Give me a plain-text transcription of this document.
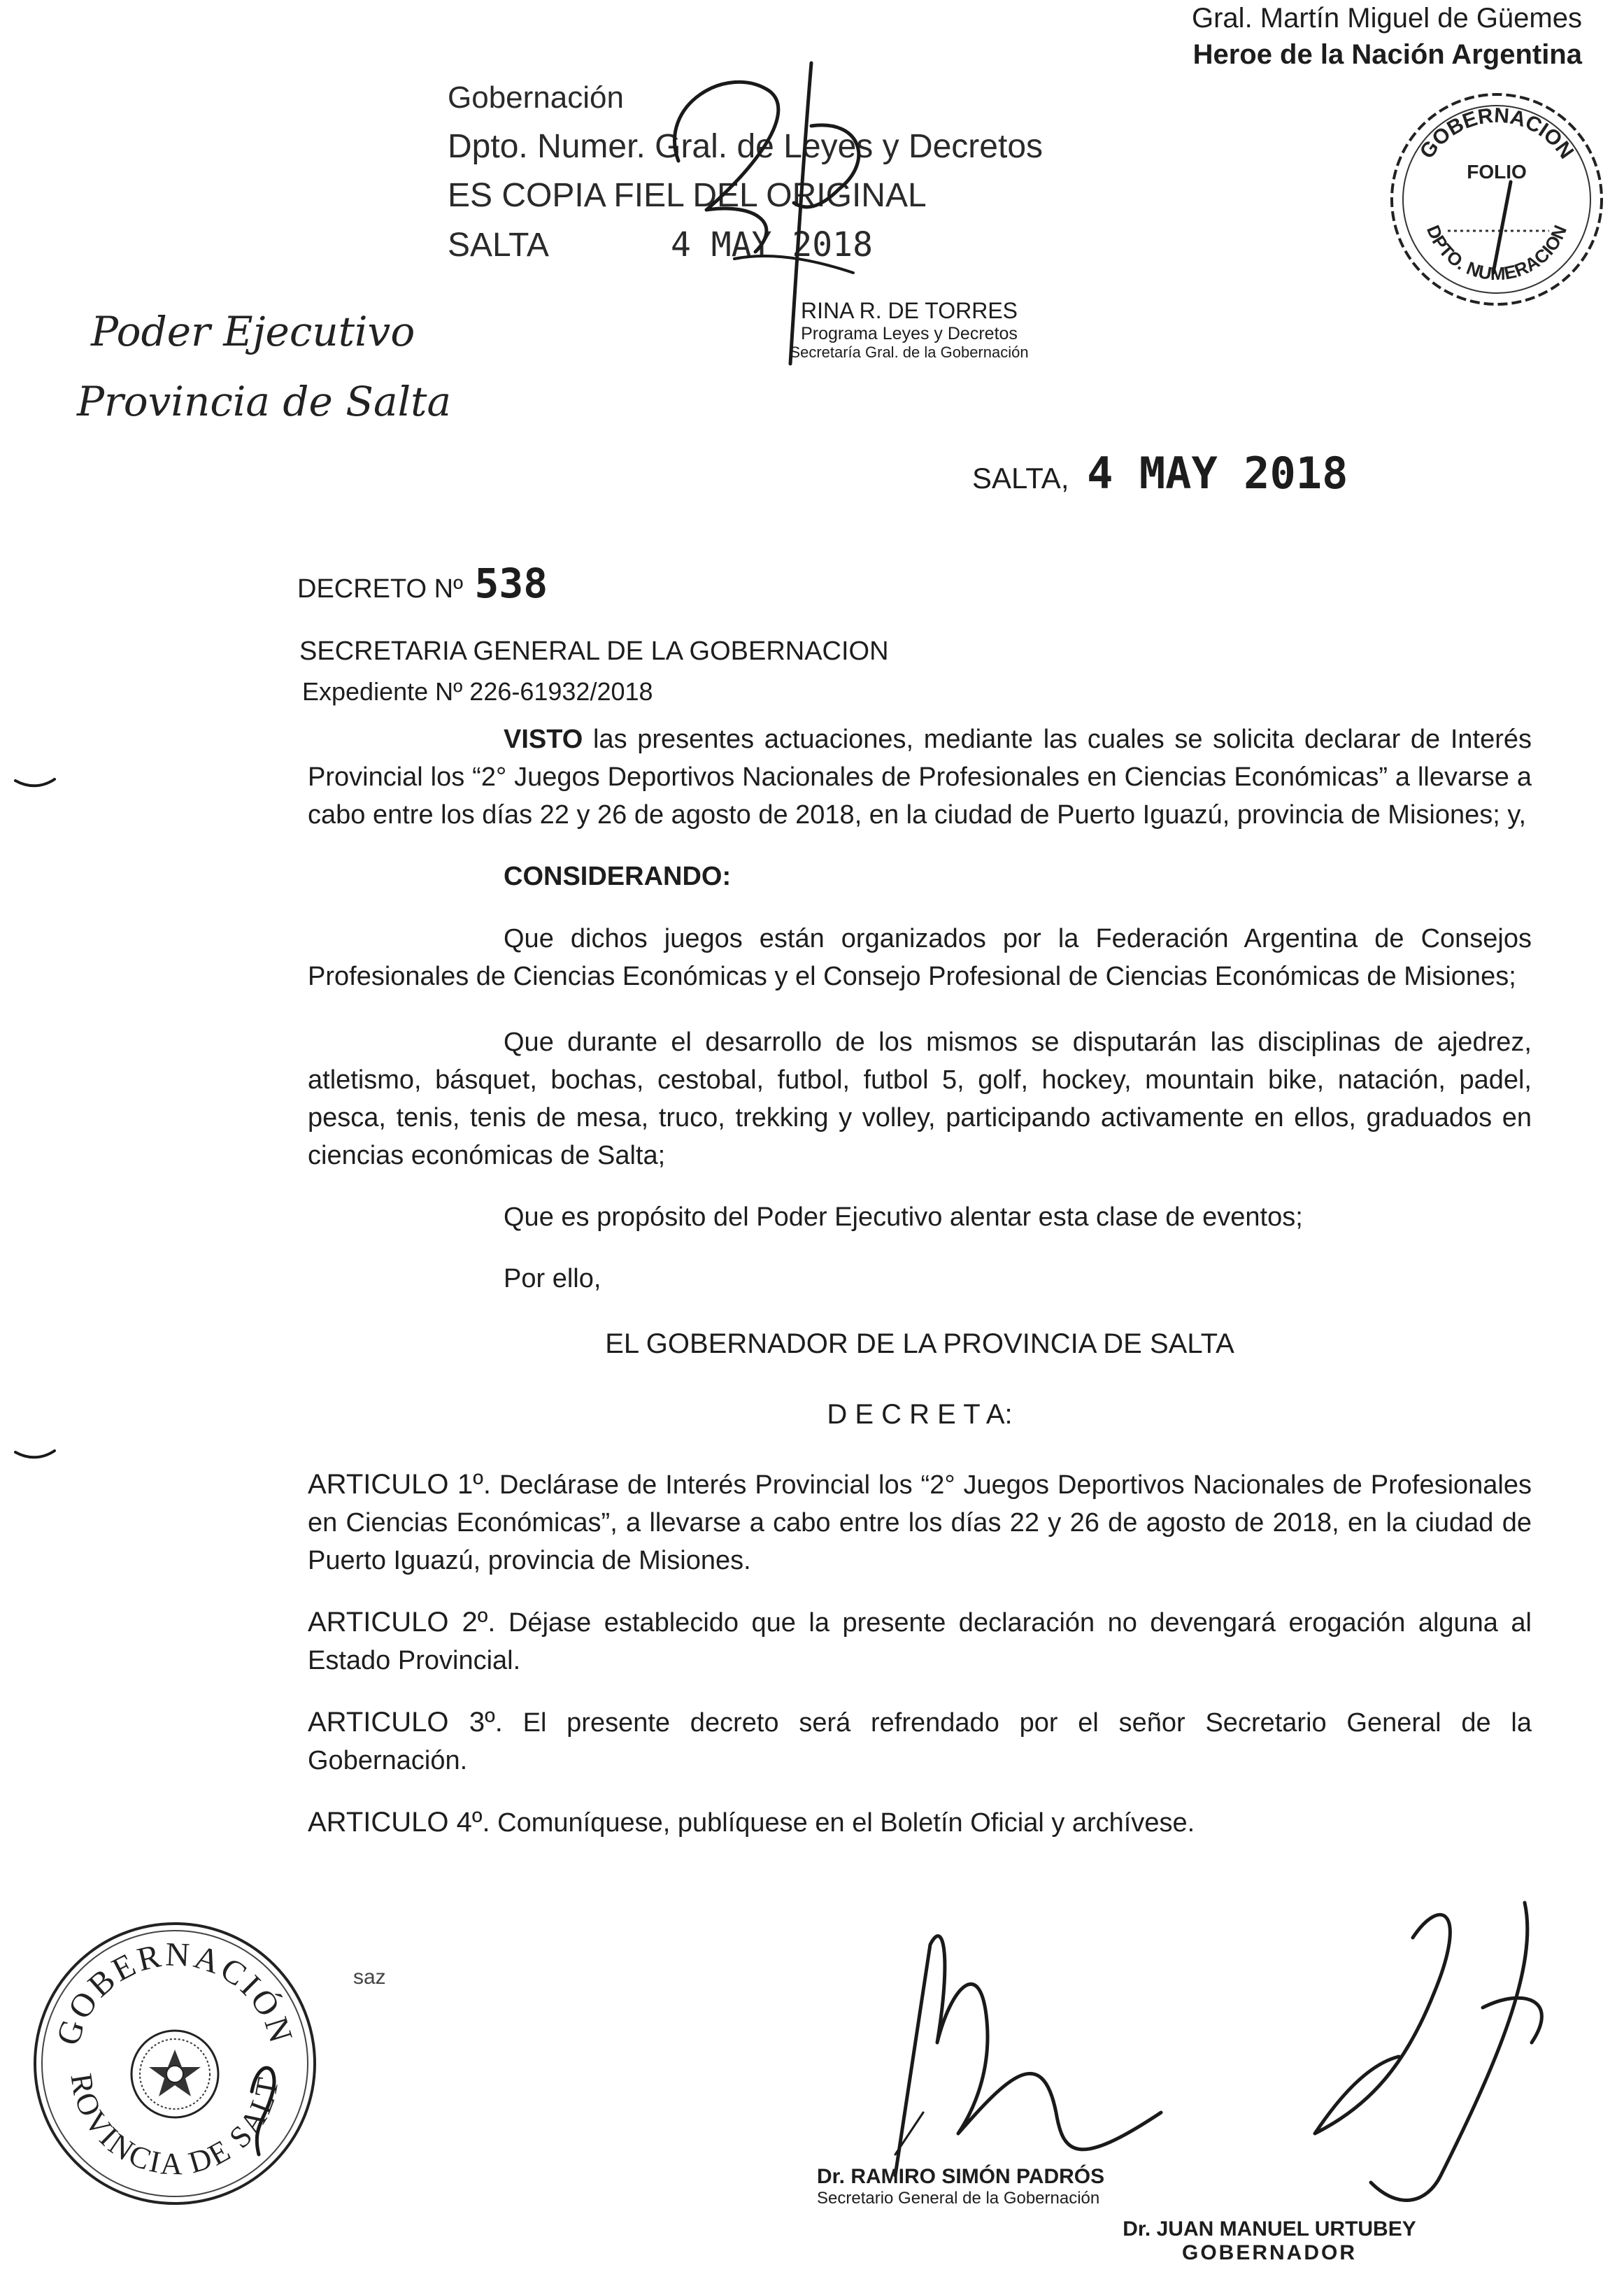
Gral. Martín Miguel de Güemes
Heroe de la Nación Argentina
GOBERNACION
DPTO. NUMERACION
FOLIO
Gobernación
Dpto. Numer. Gral. de Leyes y Decretos
ES COPIA FIEL DEL ORIGINAL
SALTA	4 MAY 2018
RINA R. DE TORRES
Programa Leyes y Decretos
Secretaría Gral. de la Gobernación
Poder Ejecutivo
Provincia de Salta
SALTA, 4 MAY 2018
DECRETO Nº 538
SECRETARIA GENERAL DE LA GOBERNACION
Expediente Nº 226-61932/2018

VISTO las presentes actuaciones, mediante las cuales se solicita declarar de Interés Provincial los “2° Juegos Deportivos Nacionales de Profesionales en Ciencias Económicas” a llevarse a cabo entre los días 22 y 26 de agosto de 2018, en la ciudad de Puerto Iguazú, provincia de Misiones; y,

CONSIDERANDO:

Que dichos juegos están organizados por la Federación Argentina de Consejos Profesionales de Ciencias Económicas y el Consejo Profesional de Ciencias Económicas de Misiones;

Que durante el desarrollo de los mismos se disputarán las disciplinas de ajedrez, atletismo, básquet, bochas, cestobal, futbol, futbol 5, golf, hockey, mountain bike, natación, padel, pesca, tenis, tenis de mesa, truco, trekking y volley, participando activamente en ellos, graduados en ciencias económicas de Salta;

Que es propósito del Poder Ejecutivo alentar esta clase de eventos;

Por ello,

EL GOBERNADOR DE LA PROVINCIA DE SALTA
D E C R E T A:

ARTICULO 1º. Declárase de Interés Provincial los “2° Juegos Deportivos Nacionales de Profesionales en Ciencias Económicas”, a llevarse a cabo entre los días 22 y 26 de agosto de 2018, en la ciudad de Puerto Iguazú, provincia de Misiones.

ARTICULO 2º. Déjase establecido que la presente declaración no devengará erogación alguna al Estado Provincial.

ARTICULO 3º. El presente decreto será refrendado por el señor Secretario General de la Gobernación.

ARTICULO 4º. Comuníquese, publíquese en el Boletín Oficial y archívese.

saz
GOBERNACIÓN
ROVINCIA DE SALT
Dr. RAMIRO SIMÓN PADRÓS
Secretario General de la Gobernación
Dr. JUAN MANUEL URTUBEY
GOBERNADOR
